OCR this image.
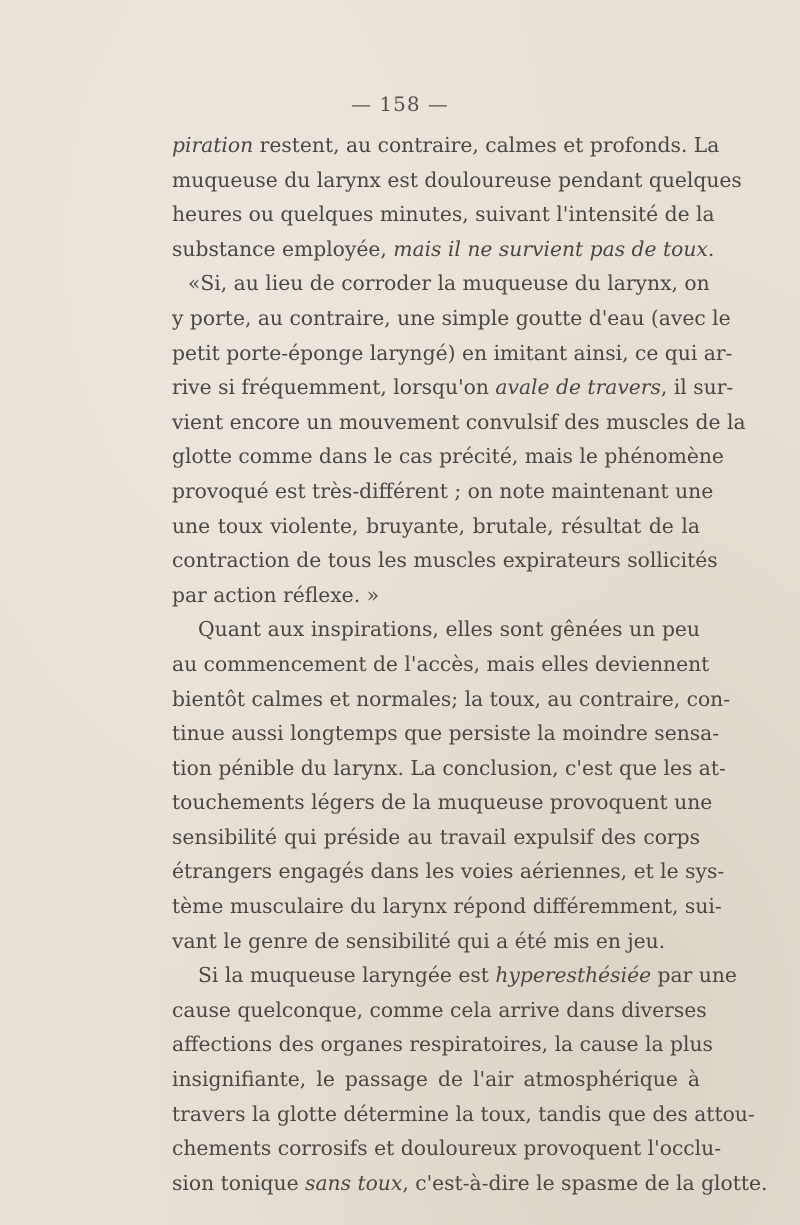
— 158 —
piration restent, au contraire, calmes et profonds. La
muqueuse du larynx est douloureuse pendant quelques
heures ou quelques minutes, suivant l'intensité de la
substance employée, mais il ne survient pas de toux.
«Si, au lieu de corroder la muqueuse du larynx, on
y porte, au contraire, une simple goutte d'eau (avec le
petit porte-éponge laryngé) en imitant ainsi, ce qui ar-
rive si fréquemment, lorsqu'on avale de travers, il sur-
vient encore un mouvement convulsif des muscles de la
glotte comme dans le cas précité, mais le phénomène
provoqué est très-différent ; on note maintenant une
une toux violente, bruyante, brutale, résultat de la
contraction de tous les muscles expirateurs sollicités
par action réflexe. »
Quant aux inspirations, elles sont gênées un peu
au commencement de l'accès, mais elles deviennent
bientôt calmes et normales; la toux, au contraire, con-
tinue aussi longtemps que persiste la moindre sensa-
tion pénible du larynx. La conclusion, c'est que les at-
touchements légers de la muqueuse provoquent une
sensibilité qui préside au travail expulsif des corps
étrangers engagés dans les voies aériennes, et le sys-
tème musculaire du larynx répond différemment, sui-
vant le genre de sensibilité qui a été mis en jeu.
Si la muqueuse laryngée est hyperesthésiée par une
cause quelconque, comme cela arrive dans diverses
affections des organes respiratoires, la cause la plus
insignifiante, le passage de l'air atmosphérique à
travers la glotte détermine la toux, tandis que des attou-
chements corrosifs et douloureux provoquent l'occlu-
sion tonique sans toux, c'est-à-dire le spasme de la glotte.
